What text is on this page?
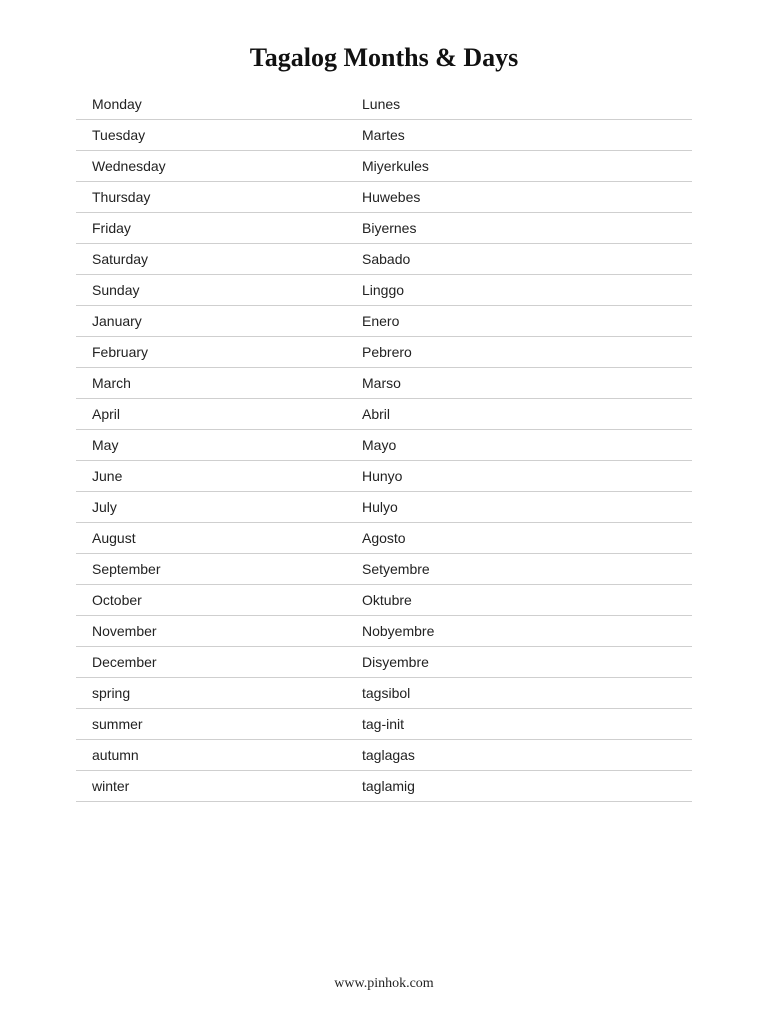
Tagalog Months & Days
Monday	Lunes
Tuesday	Martes
Wednesday	Miyerkules
Thursday	Huwebes
Friday	Biyernes
Saturday	Sabado
Sunday	Linggo
January	Enero
February	Pebrero
March	Marso
April	Abril
May	Mayo
June	Hunyo
July	Hulyo
August	Agosto
September	Setyembre
October	Oktubre
November	Nobyembre
December	Disyembre
spring	tagsibol
summer	tag-init
autumn	taglagas
winter	taglamig
www.pinhok.com
